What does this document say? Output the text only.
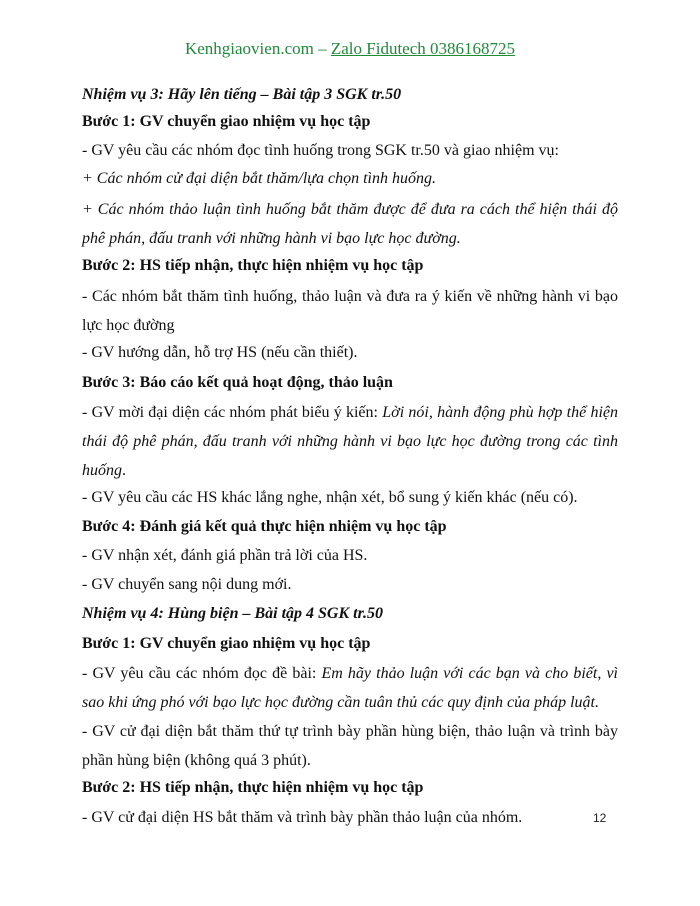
Kenhgiaovien.com – Zalo Fidutech 0386168725
Nhiệm vụ 3: Hãy lên tiếng – Bài tập 3 SGK tr.50
Bước 1: GV chuyển giao nhiệm vụ học tập
- GV yêu cầu các nhóm đọc tình huống trong SGK tr.50 và giao nhiệm vụ:
+ Các nhóm cử đại diện bắt thăm/lựa chọn tình huống.
+ Các nhóm thảo luận tình huống bắt thăm được để đưa ra cách thể hiện thái độ phê phán, đấu tranh với những hành vi bạo lực học đường.
Bước 2: HS tiếp nhận, thực hiện nhiệm vụ học tập
- Các nhóm bắt thăm tình huống, thảo luận và đưa ra ý kiến về những hành vi bạo lực học đường
- GV hướng dẫn, hỗ trợ HS (nếu cần thiết).
Bước 3: Báo cáo kết quả hoạt động, thảo luận
- GV mời đại diện các nhóm phát biểu ý kiến: Lời nói, hành động phù hợp thể hiện thái độ phê phán, đấu tranh với những hành vi bạo lực học đường trong các tình huống.
- GV yêu cầu các HS khác lắng nghe, nhận xét, bổ sung ý kiến khác (nếu có).
Bước 4: Đánh giá kết quả thực hiện nhiệm vụ học tập
- GV nhận xét, đánh giá phần trả lời của HS.
- GV chuyển sang nội dung mới.
Nhiệm vụ 4: Hùng biện – Bài tập 4 SGK tr.50
Bước 1: GV chuyển giao nhiệm vụ học tập
- GV yêu cầu các nhóm đọc đề bài: Em hãy thảo luận với các bạn và cho biết, vì sao khi ứng phó với bạo lực học đường cần tuân thủ các quy định của pháp luật.
- GV cử đại diện bắt thăm thứ tự trình bày phần hùng biện, thảo luận và trình bày phần hùng biện (không quá 3 phút).
Bước 2: HS tiếp nhận, thực hiện nhiệm vụ học tập
- GV cử đại diện HS bắt thăm và trình bày phần thảo luận của nhóm.	12
